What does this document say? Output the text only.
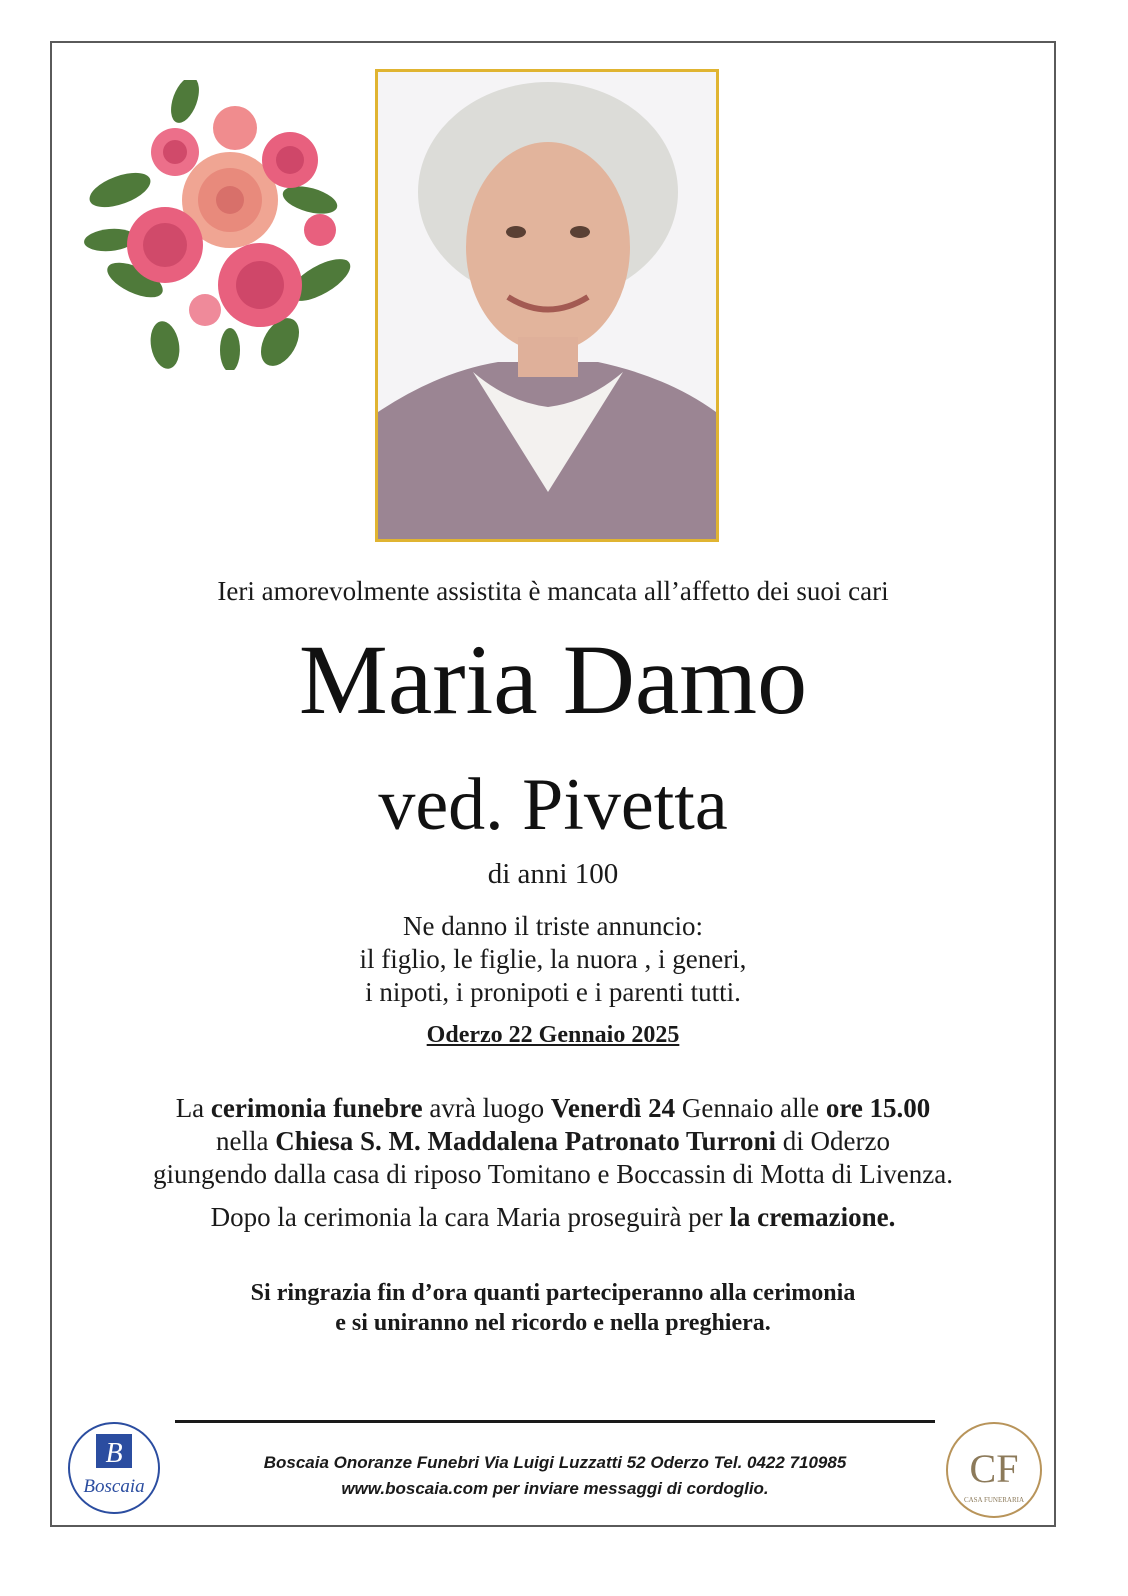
Ieri amorevolmente assistita è mancata all’affetto dei suoi cari
Maria Damo
ved. Pivetta
di anni 100
Ne danno il triste annuncio:
il figlio, le figlie, la nuora , i generi,
i nipoti, i pronipoti e i parenti tutti.
Oderzo 22 Gennaio 2025
La cerimonia funebre avrà luogo Venerdì 24 Gennaio alle ore 15.00
nella Chiesa S. M. Maddalena Patronato Turroni di Oderzo
giungendo dalla casa di riposo Tomitano e Boccassin di Motta di Livenza.
Dopo la cerimonia la cara Maria proseguirà per la cremazione.
Si ringrazia fin d’ora quanti parteciperanno alla cerimonia
e si uniranno nel ricordo e nella preghiera.
B
Boscaia
Boscaia Onoranze Funebri Via Luigi Luzzatti 52 Oderzo Tel. 0422 710985
www.boscaia.com per inviare messaggi di cordoglio.	CF
CASA FUNERARIA
